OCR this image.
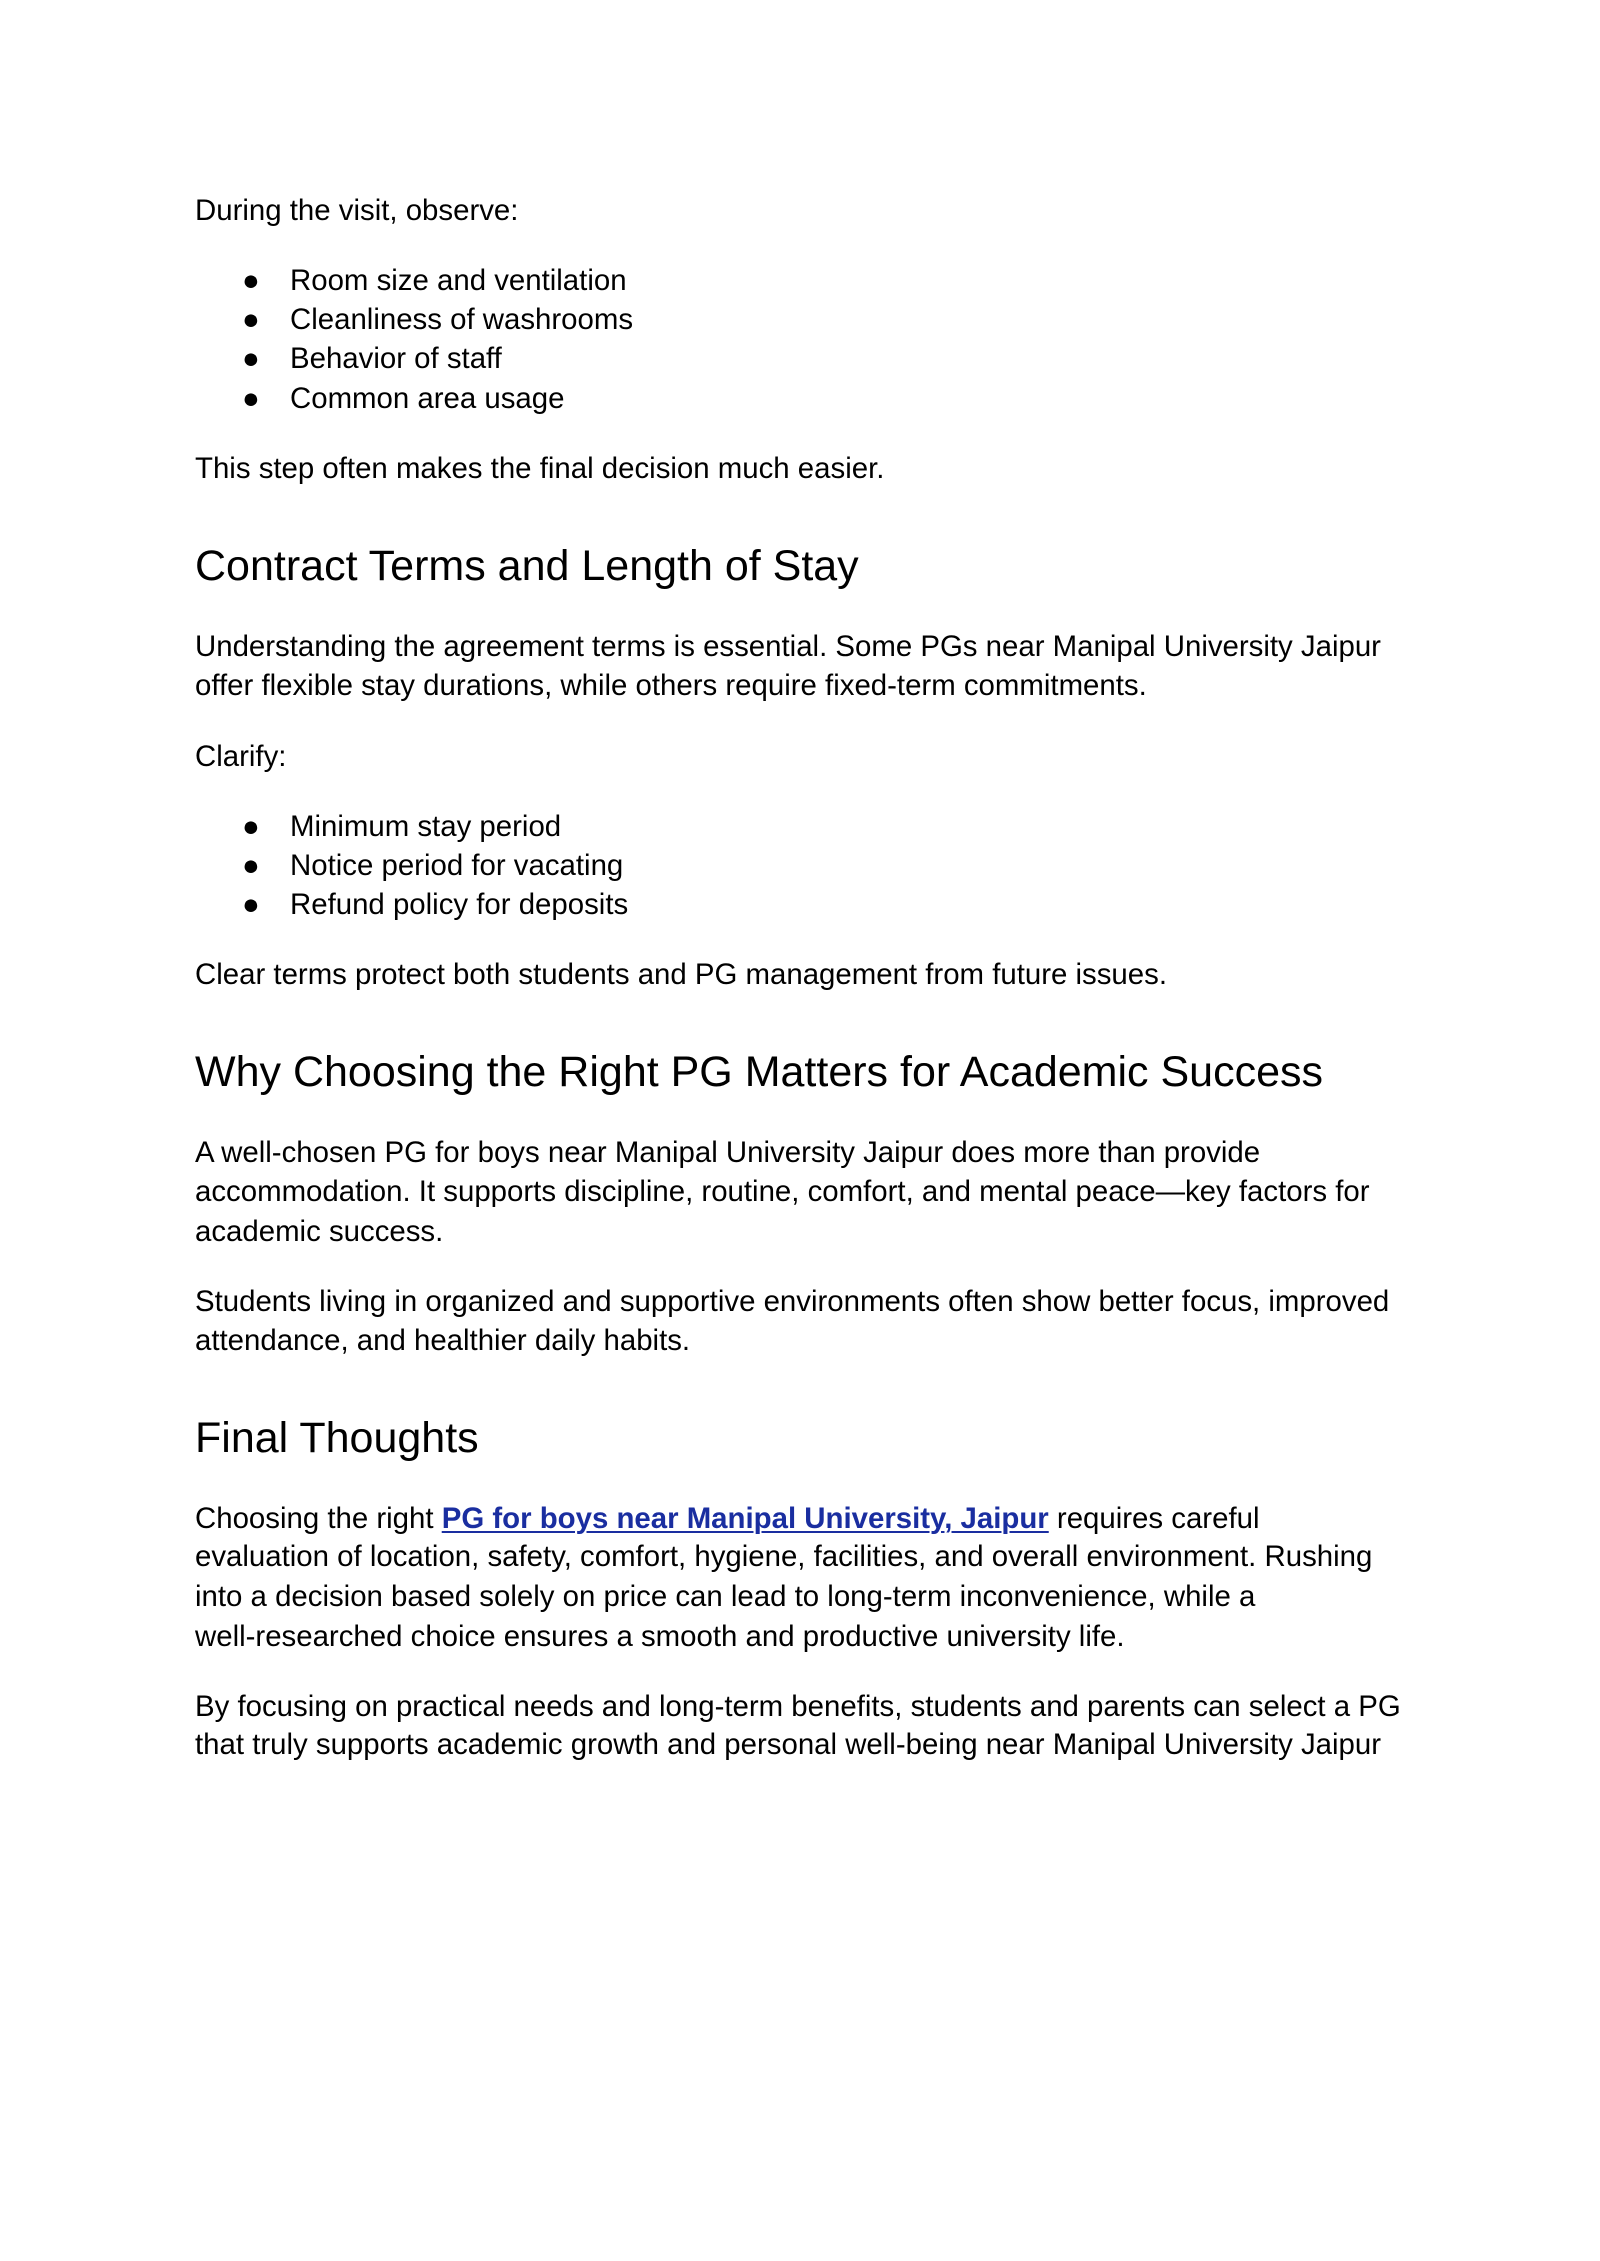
During the visit, observe:

• ● Room size and ventilation
• ● Cleanliness of washrooms
• ● Behavior of staff
• ● Common area usage

This step often makes the final decision much easier.

Contract Terms and Length of Stay

Understanding the agreement terms is essential. Some PGs near Manipal University Jaipur

offer flexible stay durations, while others require fixed-term commitments.

Clarify:

• ● Minimum stay period
• ● Notice period for vacating
• ● Refund policy for deposits

Clear terms protect both students and PG management from future issues.

Why Choosing the Right PG Matters for Academic Success

A well-chosen PG for boys near Manipal University Jaipur does more than provide

accommodation. It supports discipline, routine, comfort, and mental peace—key factors for

academic success.

Students living in organized and supportive environments often show better focus, improved

attendance, and healthier daily habits.

Final Thoughts

Choosing the right PG for boys near Manipal University, Jaipur requires careful

evaluation of location, safety, comfort, hygiene, facilities, and overall environment. Rushing

into a decision based solely on price can lead to long-term inconvenience, while a

well-researched choice ensures a smooth and productive university life.

By focusing on practical needs and long-term benefits, students and parents can select a PG

that truly supports academic growth and personal well-being near Manipal University Jaipur
